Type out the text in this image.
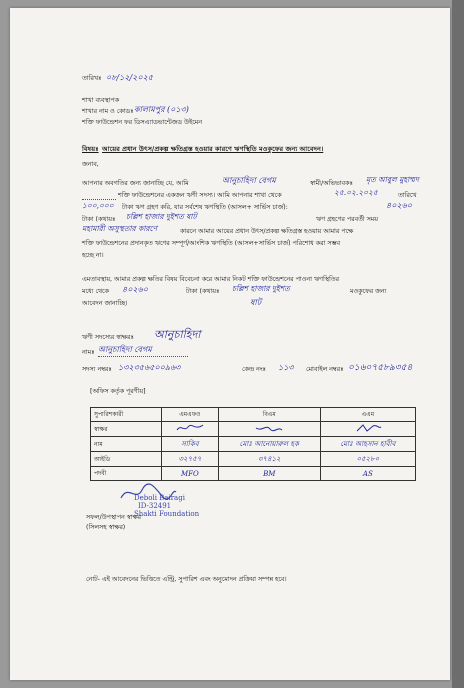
তারিখঃ ০৮/১২/২০২৫
শাখা ব্যবস্থাপক
শাখার নাম ও কোডঃ কালামপুর (০১৩)
শক্তি ফাউন্ডেশন ফর ডিসএ্যাডভান্টেজড উইমেন
বিষয়ঃ আয়ের প্রধান উৎস/প্রকল্প ক্ষতিগ্রস্ত হওয়ার কারণে ঋণস্থিতি মওকুফের জন্য আবেদন।
জনাব,
আপনার অবগতির জন্য জানাচ্ছি যে, আমি	আনুচাহিদা বেগম	স্বামী/অভিভাবকঃ মৃত আবুল মুহাম্মদ
শক্তি ফাউন্ডেশনের একজন ঋণী সদস্য। আমি আপনার শাখা থেকে	২৫.০২.২০২৫	তারিখে
১০০,০০০ টাকা ঋণ গ্রহণ করি, যার সর্বশেষ ঋণস্থিতি (আসল+ সার্ভিস চার্জ):	৪০২৬০
টাকা (কথায়ঃ চল্লিশ হাজার দুইশত ষাট	ঋণ গ্রহণের পরবর্তী সময়
মহামারী অসুস্থতার কারণে	কারনে আমার আয়ের প্রধান উৎস/প্রকল্প ক্ষতিগ্রস্ত হওয়ায় আমার পক্ষে
শক্তি ফাউন্ডেশনের প্রদানকৃত ঋণের সম্পূর্ণ/আংশিক ঋণস্থিতি (আসল+সার্ভিস চার্জ) পরিশোধ করা সম্ভব
হচ্ছে না।
এমতাবস্থায়, আমার প্রকল্প ক্ষতির বিষয় বিবেচনা করে আমার নিকট শক্তি ফাউন্ডেশনের পাওনা ঋণস্থিতির
মধ্যে থেকে ৪০২৬০	টাকা (কথায়ঃ চল্লিশ হাজার দুইশত	মওকুফের জন্য
আবেদন জানাচ্ছি।	ষাট
ঋণী সদস্যের স্বাক্ষরঃ আনুচাহিদা
নামঃ আনুচাহিদা বেগম
সদস্য নম্বরঃ ১৩২৩৫৬৫০০৯৬৩	কেন্দ্র নংঃ ১১৩ মোবাইল নম্বরঃ ০১৬০৭৫৮৯৩৫৪
[অফিস কর্তৃক পূরণীয়]
সুপারিশকারী	এমএফও	বিএম	এএম
স্বাক্ষর			
নাম	সাকিব	মোঃ আনোয়ারুল হক	মোঃ আহসান হাবীব
আইডি	৩২৭৫৭	৩৭৪১২	০৫২৮০
পদবী	MFO	BM	AS
Deboli Bairagi
ID-32491
Shakti Foundation
সফল/উপস্থাপন স্বাক্ষর
(সিলসহ স্বাক্ষর)
নোট- এই আবেদনের ভিত্তিতে এন্ট্রি, সুপারিশ এবং অনুমোদন প্রক্রিয়া সম্পন্ন হবে।
